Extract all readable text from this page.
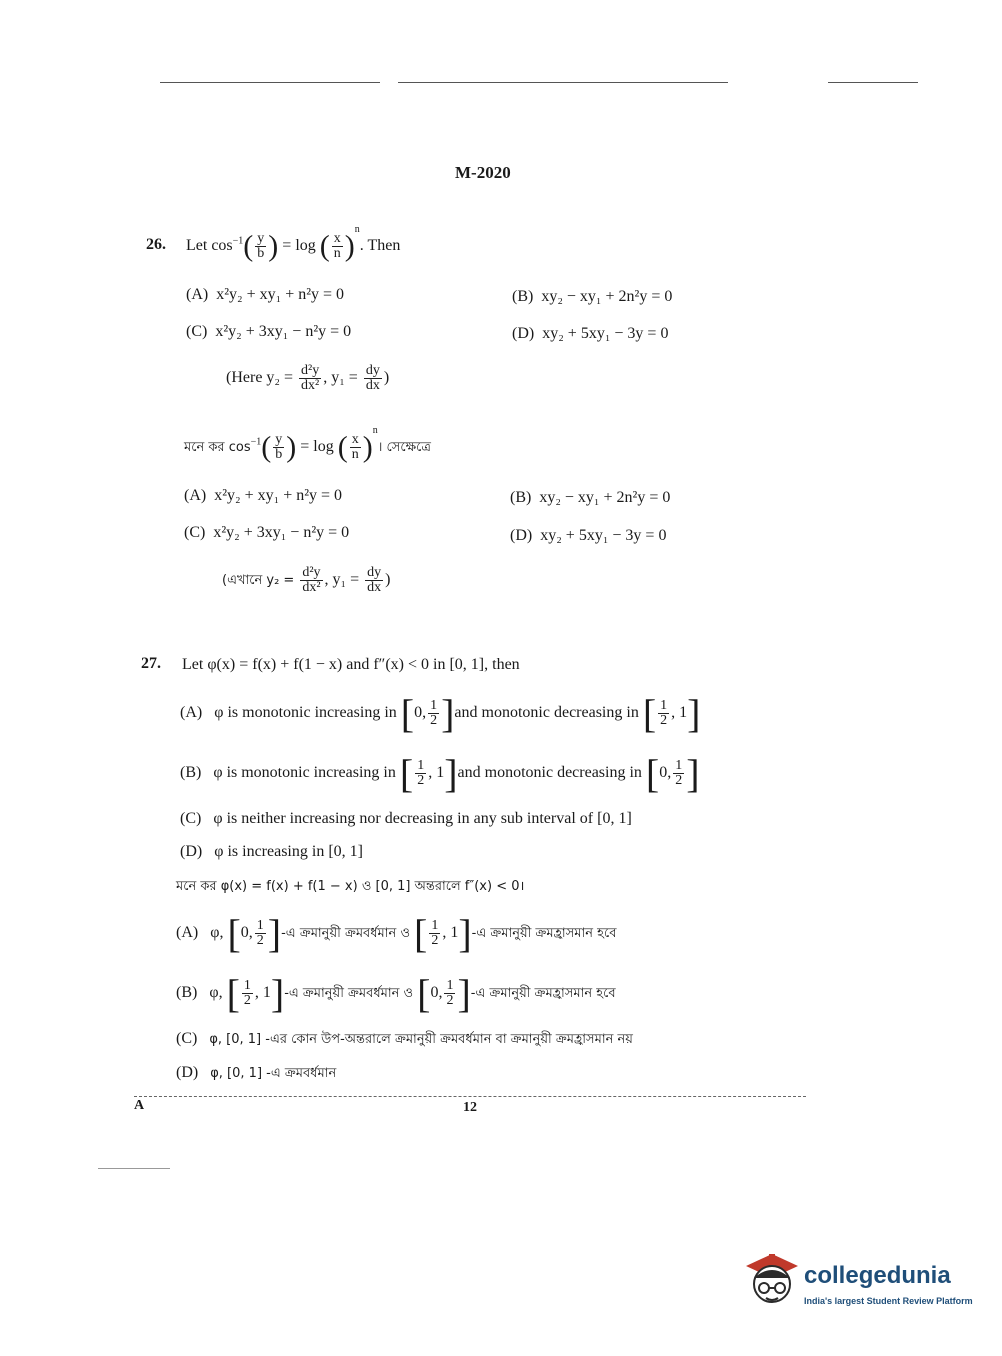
M-2020
26. Let $\cos^{-1}( \frac{y}{b}$ ) = log ( $\frac{x}{n} )^n$. Then
(A) x²y₂ + xy₁ + n²y = 0	(B) xy₂ − xy₁ + 2n²y = 0
(C) x²y₂ + 3xy₁ − n²y = 0	(D) xy₂ + 5xy₁ − 3y = 0
(Here $y_2 = \frac{\text{d²y}}{\text{dx²}}$ , $y_1 = \frac{dy}{dx}$ )
মনে কর $\cos^{-1}( \frac{y}{b}$ ) = log ( $\frac{x}{n}$ )$^n$। সেক্ষেত্রে
(A) x²y₂ + xy₁ + n²y = 0	(B) xy₂ − xy₁ + 2n²y = 0
(C) x²y₂ + 3xy₁ − n²y = 0	(D) xy₂ + 5xy₁ − 3y = 0
(এখানে $y_2 = \frac{\text{d²y}}{\text{dx²}}$ , $y_1 = \frac{dy}{dx}$ )
27. Let φ(x) = f(x) + f(1 − x) and f″(x) < 0 in [0, 1], then
(A) φ is monotonic increasing in [0, $\frac{1}{2} ]and$ monotonic decreasing in [ $\frac{1}{2}$ , 1]
(B) φ is monotonic increasing in [ $\frac{1}{2}$ , 1]and monotonic decreasing in [0, $\frac{1}{2}$ ]
(C) φ is neither increasing nor decreasing in any sub interval of [0, 1]
(D) φ is increasing in [0, 1]
মনে কর φ(x) = f(x) + f(1 − x) ও [0, 1] অন্তরালে f″(x) < 0।
(A) φ, [0, $\frac{1}{2}$ ]-এ ক্রমানুয়ী ক্রমবর্ধমান ও [ $\frac{1}{2}$ , 1]-এ ক্রমানুয়ী ক্রমহ্রাসমান হবে
(B) φ, [ $\frac{1}{2}$ , 1]-এ ক্রমানুয়ী ক্রমবর্ধমান ও [0, $\frac{1}{2}$ ]-এ ক্রমানুয়ী ক্রমহ্রাসমান হবে
(C) φ, [0, 1] -এর কোন উপ-অন্তরালে ক্রমানুয়ী ক্রমবর্ধমান বা ক্রমানুয়ী ক্রমহ্রাসমান নয়
(D) φ, [0, 1] -এ ক্রমবর্ধমান
A	12
collegedunia
India's largest Student Review Platform
